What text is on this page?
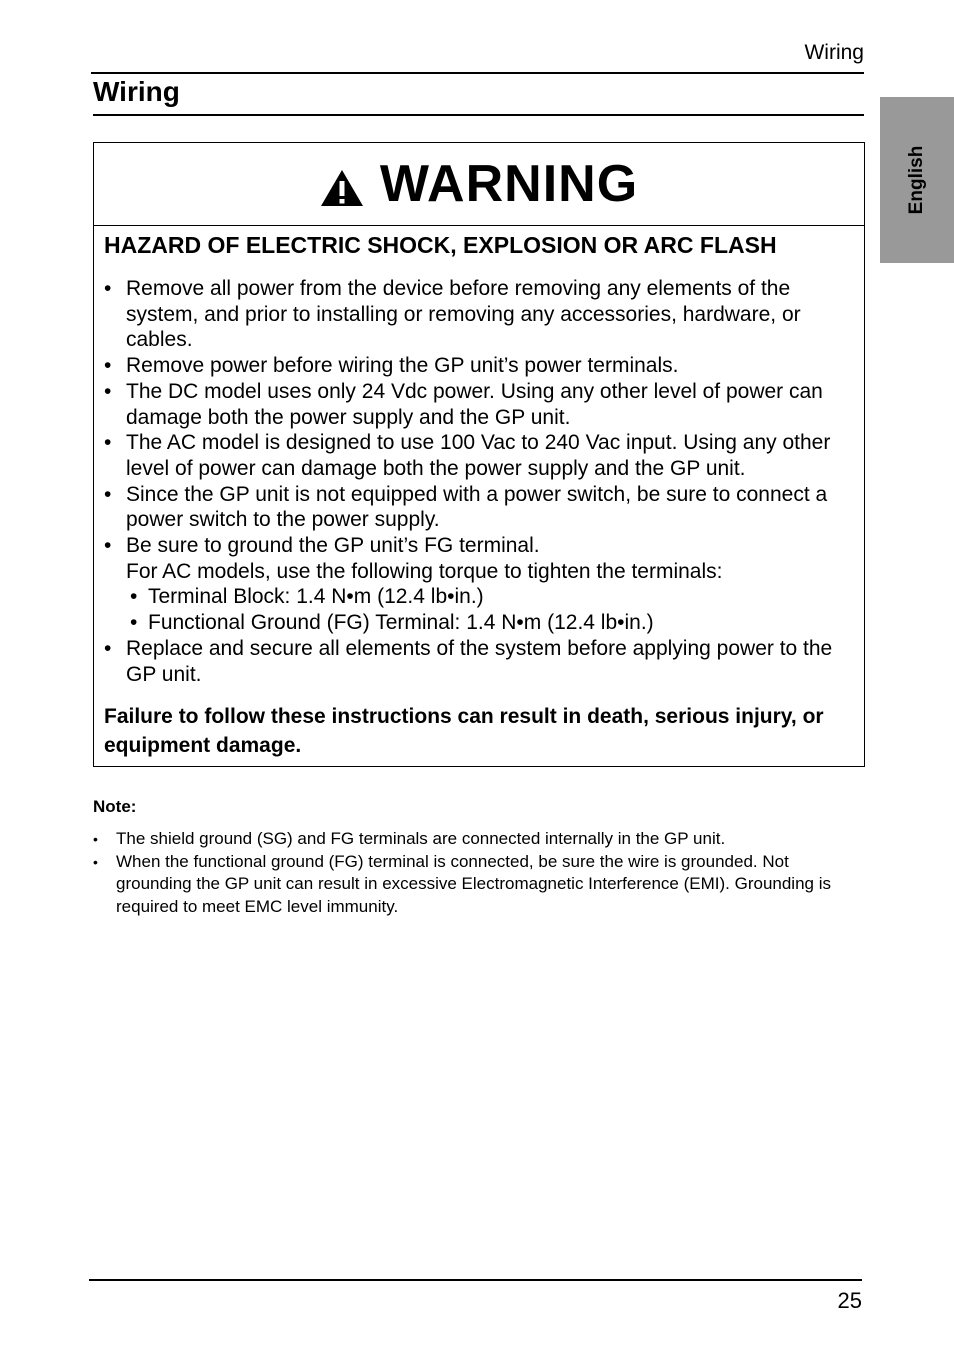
Wiring
Wiring
English
WARNING
HAZARD OF ELECTRIC SHOCK, EXPLOSION OR ARC FLASH
• Remove all power from the device before removing any elements of the system, and prior to installing or removing any accessories, hardware, or cables.
• Remove power before wiring the GP unit’s power terminals.
• The DC model uses only 24 Vdc power. Using any other level of power can damage both the power supply and the GP unit.
• The AC model is designed to use 100 Vac to 240 Vac input. Using any other level of power can damage both the power supply and the GP unit.
• Since the GP unit is not equipped with a power switch, be sure to connect a power switch to the power supply.
• Be sure to ground the GP unit’s FG terminal.
For AC models, use the following torque to tighten the terminals:
• Terminal Block: 1.4 N•m (12.4 lb•in.)
• Functional Ground (FG) Terminal: 1.4 N•m (12.4 lb•in.)
• Replace and secure all elements of the system before applying power to the GP unit.
Failure to follow these instructions can result in death, serious injury, or equipment damage.
Note:
• The shield ground (SG) and FG terminals are connected internally in the GP unit.
• When the functional ground (FG) terminal is connected, be sure the wire is grounded. Not grounding the GP unit can result in excessive Electromagnetic Interference (EMI). Grounding is required to meet EMC level immunity.
25
